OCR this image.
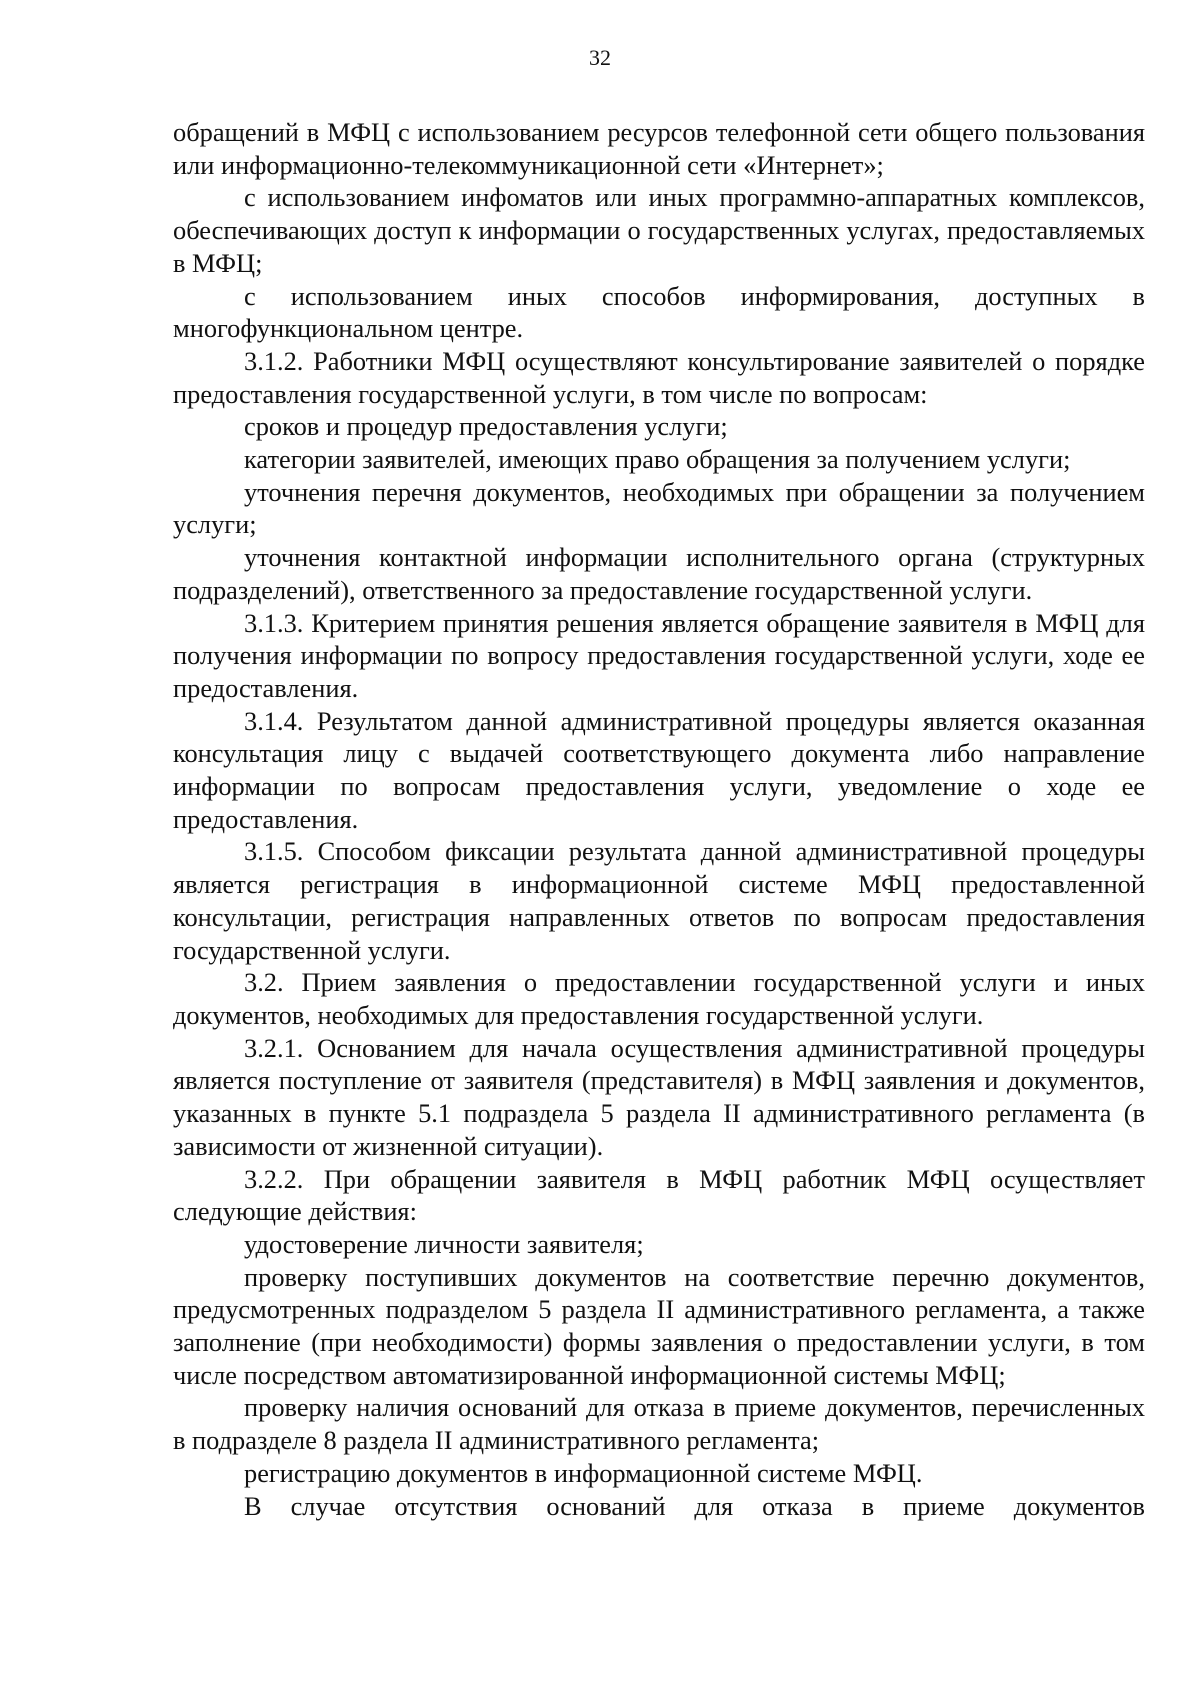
32

обращений в МФЦ с использованием ресурсов телефонной сети общего пользования или информационно-телекоммуникационной сети «Интернет»;

с использованием инфоматов или иных программно-аппаратных комплексов, обеспечивающих доступ к информации о государственных услугах, предоставляемых в МФЦ;

с использованием иных способов информирования, доступных в многофункциональном центре.

3.1.2. Работники МФЦ осуществляют консультирование заявителей о порядке предоставления государственной услуги, в том числе по вопросам:

сроков и процедур предоставления услуги;

категории заявителей, имеющих право обращения за получением услуги;

уточнения перечня документов, необходимых при обращении за получением услуги;

уточнения контактной информации исполнительного органа (структурных подразделений), ответственного за предоставление государственной услуги.

3.1.3. Критерием принятия решения является обращение заявителя в МФЦ для получения информации по вопросу предоставления государственной услуги, ходе ее предоставления.

3.1.4. Результатом данной административной процедуры является оказанная консультация лицу с выдачей соответствующего документа либо направление информации по вопросам предоставления услуги, уведомление о ходе ее предоставления.

3.1.5. Способом фиксации результата данной административной процедуры является регистрация в информационной системе МФЦ предоставленной консультации, регистрация направленных ответов по вопросам предоставления государственной услуги.

3.2. Прием заявления о предоставлении государственной услуги и иных документов, необходимых для предоставления государственной услуги.

3.2.1. Основанием для начала осуществления административной процедуры является поступление от заявителя (представителя) в МФЦ заявления и документов, указанных в пункте 5.1 подраздела 5 раздела II административного регламента (в зависимости от жизненной ситуации).

3.2.2. При обращении заявителя в МФЦ работник МФЦ осуществляет следующие действия:

удостоверение личности заявителя;

проверку поступивших документов на соответствие перечню документов, предусмотренных подразделом 5 раздела II административного регламента, а также заполнение (при необходимости) формы заявления о предоставлении услуги, в том числе посредством автоматизированной информационной системы МФЦ;

проверку наличия оснований для отказа в приеме документов, перечисленных в подразделе 8 раздела II административного регламента;

регистрацию документов в информационной системе МФЦ.

В случае отсутствия оснований для отказа в приеме документов
